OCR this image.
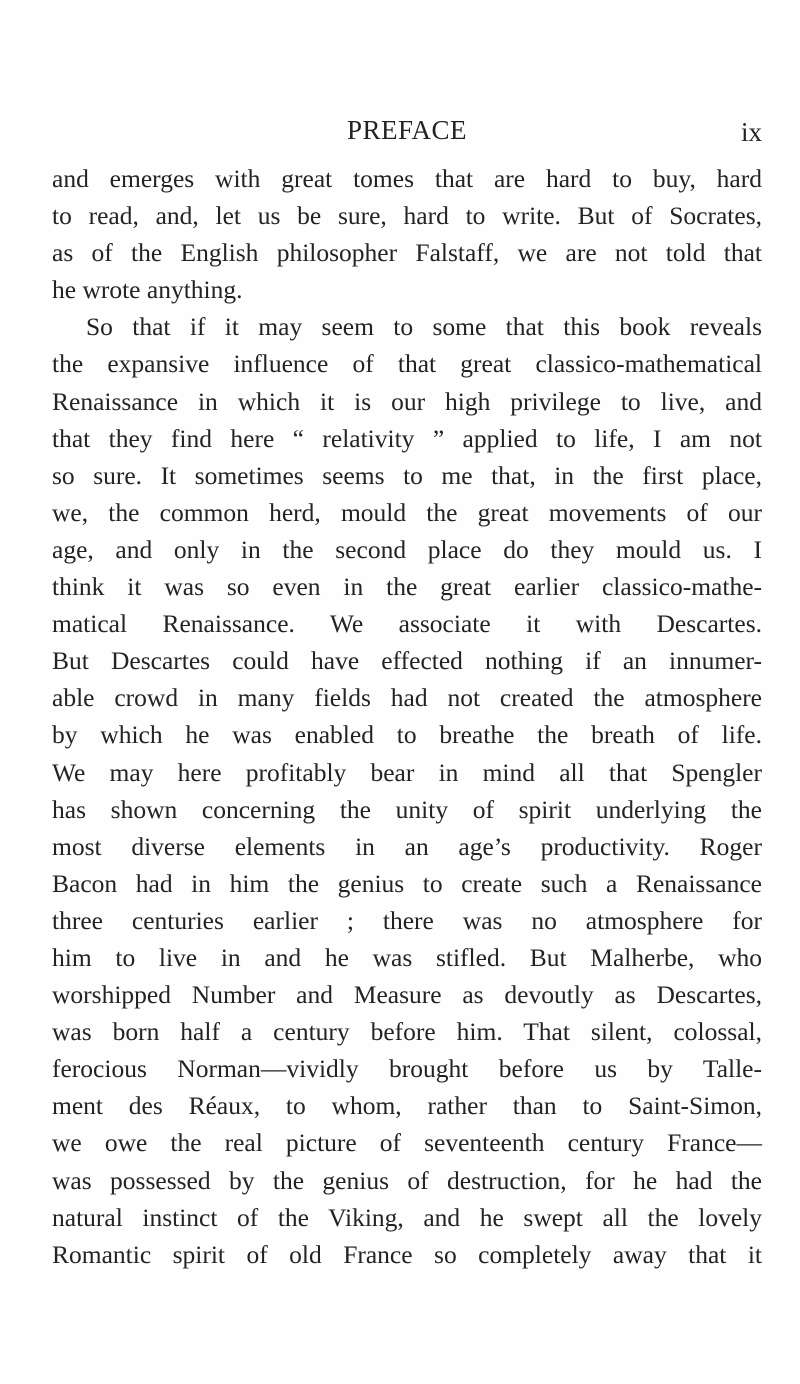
PREFACE	ix
and emerges with great tomes that are hard to buy, hard
to read, and, let us be sure, hard to write. But of Socrates,
as of the English philosopher Falstaff, we are not told that
he wrote anything.
So that if it may seem to some that this book reveals
the expansive influence of that great classico-mathematical
Renaissance in which it is our high privilege to live, and
that they find here “ relativity ” applied to life, I am not
so sure. It sometimes seems to me that, in the first place,
we, the common herd, mould the great movements of our
age, and only in the second place do they mould us. I
think it was so even in the great earlier classico-mathe-
matical Renaissance. We associate it with Descartes.
But Descartes could have effected nothing if an innumer-
able crowd in many fields had not created the atmosphere
by which he was enabled to breathe the breath of life.
We may here profitably bear in mind all that Spengler
has shown concerning the unity of spirit underlying the
most diverse elements in an age’s productivity. Roger
Bacon had in him the genius to create such a Renaissance
three centuries earlier ; there was no atmosphere for
him to live in and he was stifled. But Malherbe, who
worshipped Number and Measure as devoutly as Descartes,
was born half a century before him. That silent, colossal,
ferocious Norman—vividly brought before us by Talle-
ment des Réaux, to whom, rather than to Saint-Simon,
we owe the real picture of seventeenth century France—
was possessed by the genius of destruction, for he had the
natural instinct of the Viking, and he swept all the lovely
Romantic spirit of old France so completely away that it
